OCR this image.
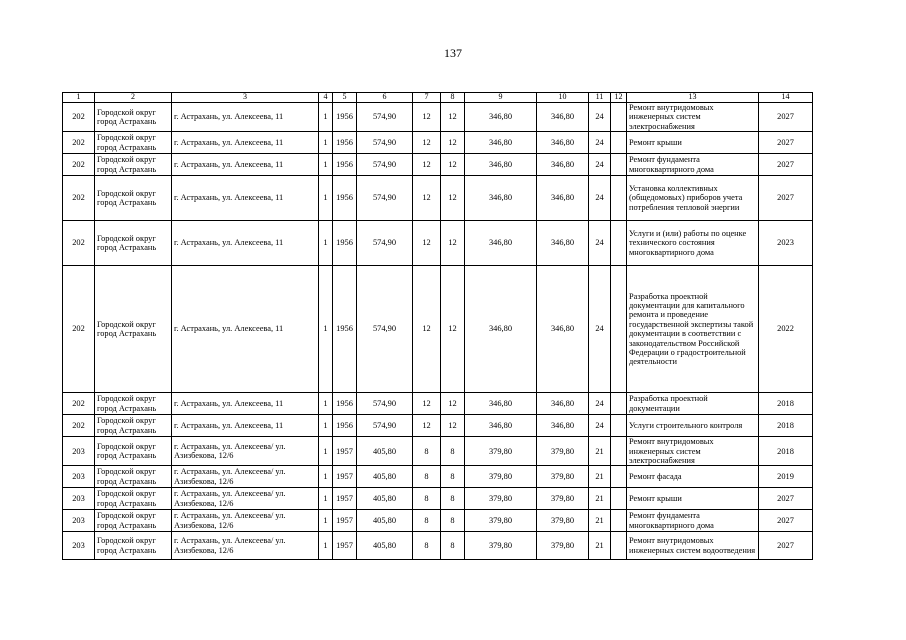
137
1	2	3	4	5	6	7	8	9	10	11	12	13	14
202	Городской округ город Астрахань	г. Астрахань, ул. Алексеева, 11	1	1956	574,90	12	12	346,80	346,80	24		Ремонт внутридомовых инженерных систем электроснабжения	2027
202	Городской округ город Астрахань	г. Астрахань, ул. Алексеева, 11	1	1956	574,90	12	12	346,80	346,80	24		Ремонт крыши	2027
202	Городской округ город Астрахань	г. Астрахань, ул. Алексеева, 11	1	1956	574,90	12	12	346,80	346,80	24		Ремонт фундамента многоквартирного дома	2027
202	Городской округ город Астрахань	г. Астрахань, ул. Алексеева, 11	1	1956	574,90	12	12	346,80	346,80	24		Установка коллективных (общедомовых) приборов учета потребления тепловой энергии	2027
202	Городской округ город Астрахань	г. Астрахань, ул. Алексеева, 11	1	1956	574,90	12	12	346,80	346,80	24		Услуги и (или) работы по оценке технического состояния многоквартирного дома	2023
202	Городской округ город Астрахань	г. Астрахань, ул. Алексеева, 11	1	1956	574,90	12	12	346,80	346,80	24		Разработка проектной документации для капитального ремонта и проведение государственной экспертизы такой документации в соответствии с законодательством Российской Федерации о градостроительной деятельности	2022
202	Городской округ город Астрахань	г. Астрахань, ул. Алексеева, 11	1	1956	574,90	12	12	346,80	346,80	24		Разработка проектной документации	2018
202	Городской округ город Астрахань	г. Астрахань, ул. Алексеева, 11	1	1956	574,90	12	12	346,80	346,80	24		Услуги строительного контроля	2018
203	Городской округ город Астрахань	г. Астрахань, ул. Алексеева/ ул. Азизбекова, 12/6	1	1957	405,80	8	8	379,80	379,80	21		Ремонт внутридомовых инженерных систем электроснабжения	2018
203	Городской округ город Астрахань	г. Астрахань, ул. Алексеева/ ул. Азизбекова, 12/6	1	1957	405,80	8	8	379,80	379,80	21		Ремонт фасада	2019
203	Городской округ город Астрахань	г. Астрахань, ул. Алексеева/ ул. Азизбекова, 12/6	1	1957	405,80	8	8	379,80	379,80	21		Ремонт крыши	2027
203	Городской округ город Астрахань	г. Астрахань, ул. Алексеева/ ул. Азизбекова, 12/6	1	1957	405,80	8	8	379,80	379,80	21		Ремонт фундамента многоквартирного дома	2027
203	Городской округ город Астрахань	г. Астрахань, ул. Алексеева/ ул. Азизбекова, 12/6	1	1957	405,80	8	8	379,80	379,80	21		Ремонт внутридомовых инженерных систем водоотведения	2027
